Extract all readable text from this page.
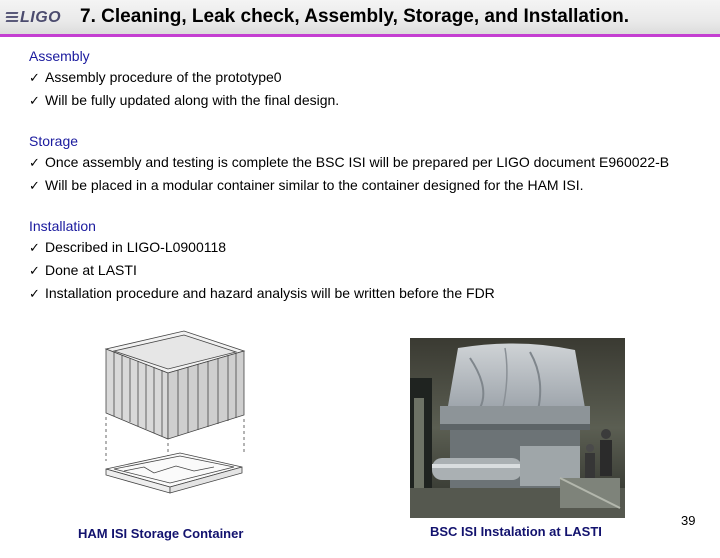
LIGO 7. Cleaning, Leak check, Assembly, Storage, and Installation.
Assembly
✓ Assembly procedure of the prototype0
✓ Will be fully updated along with the final design.
Storage
✓ Once assembly and testing is complete the BSC ISI will be prepared per LIGO document E960022-B
✓ Will be placed in a modular container similar to the container designed for the HAM ISI.
Installation
✓ Described in LIGO-L0900118
✓ Done at LASTI
✓ Installation procedure and hazard analysis will be written before the FDR
HAM ISI Storage Container	BSC ISI Instalation at LASTI
39
